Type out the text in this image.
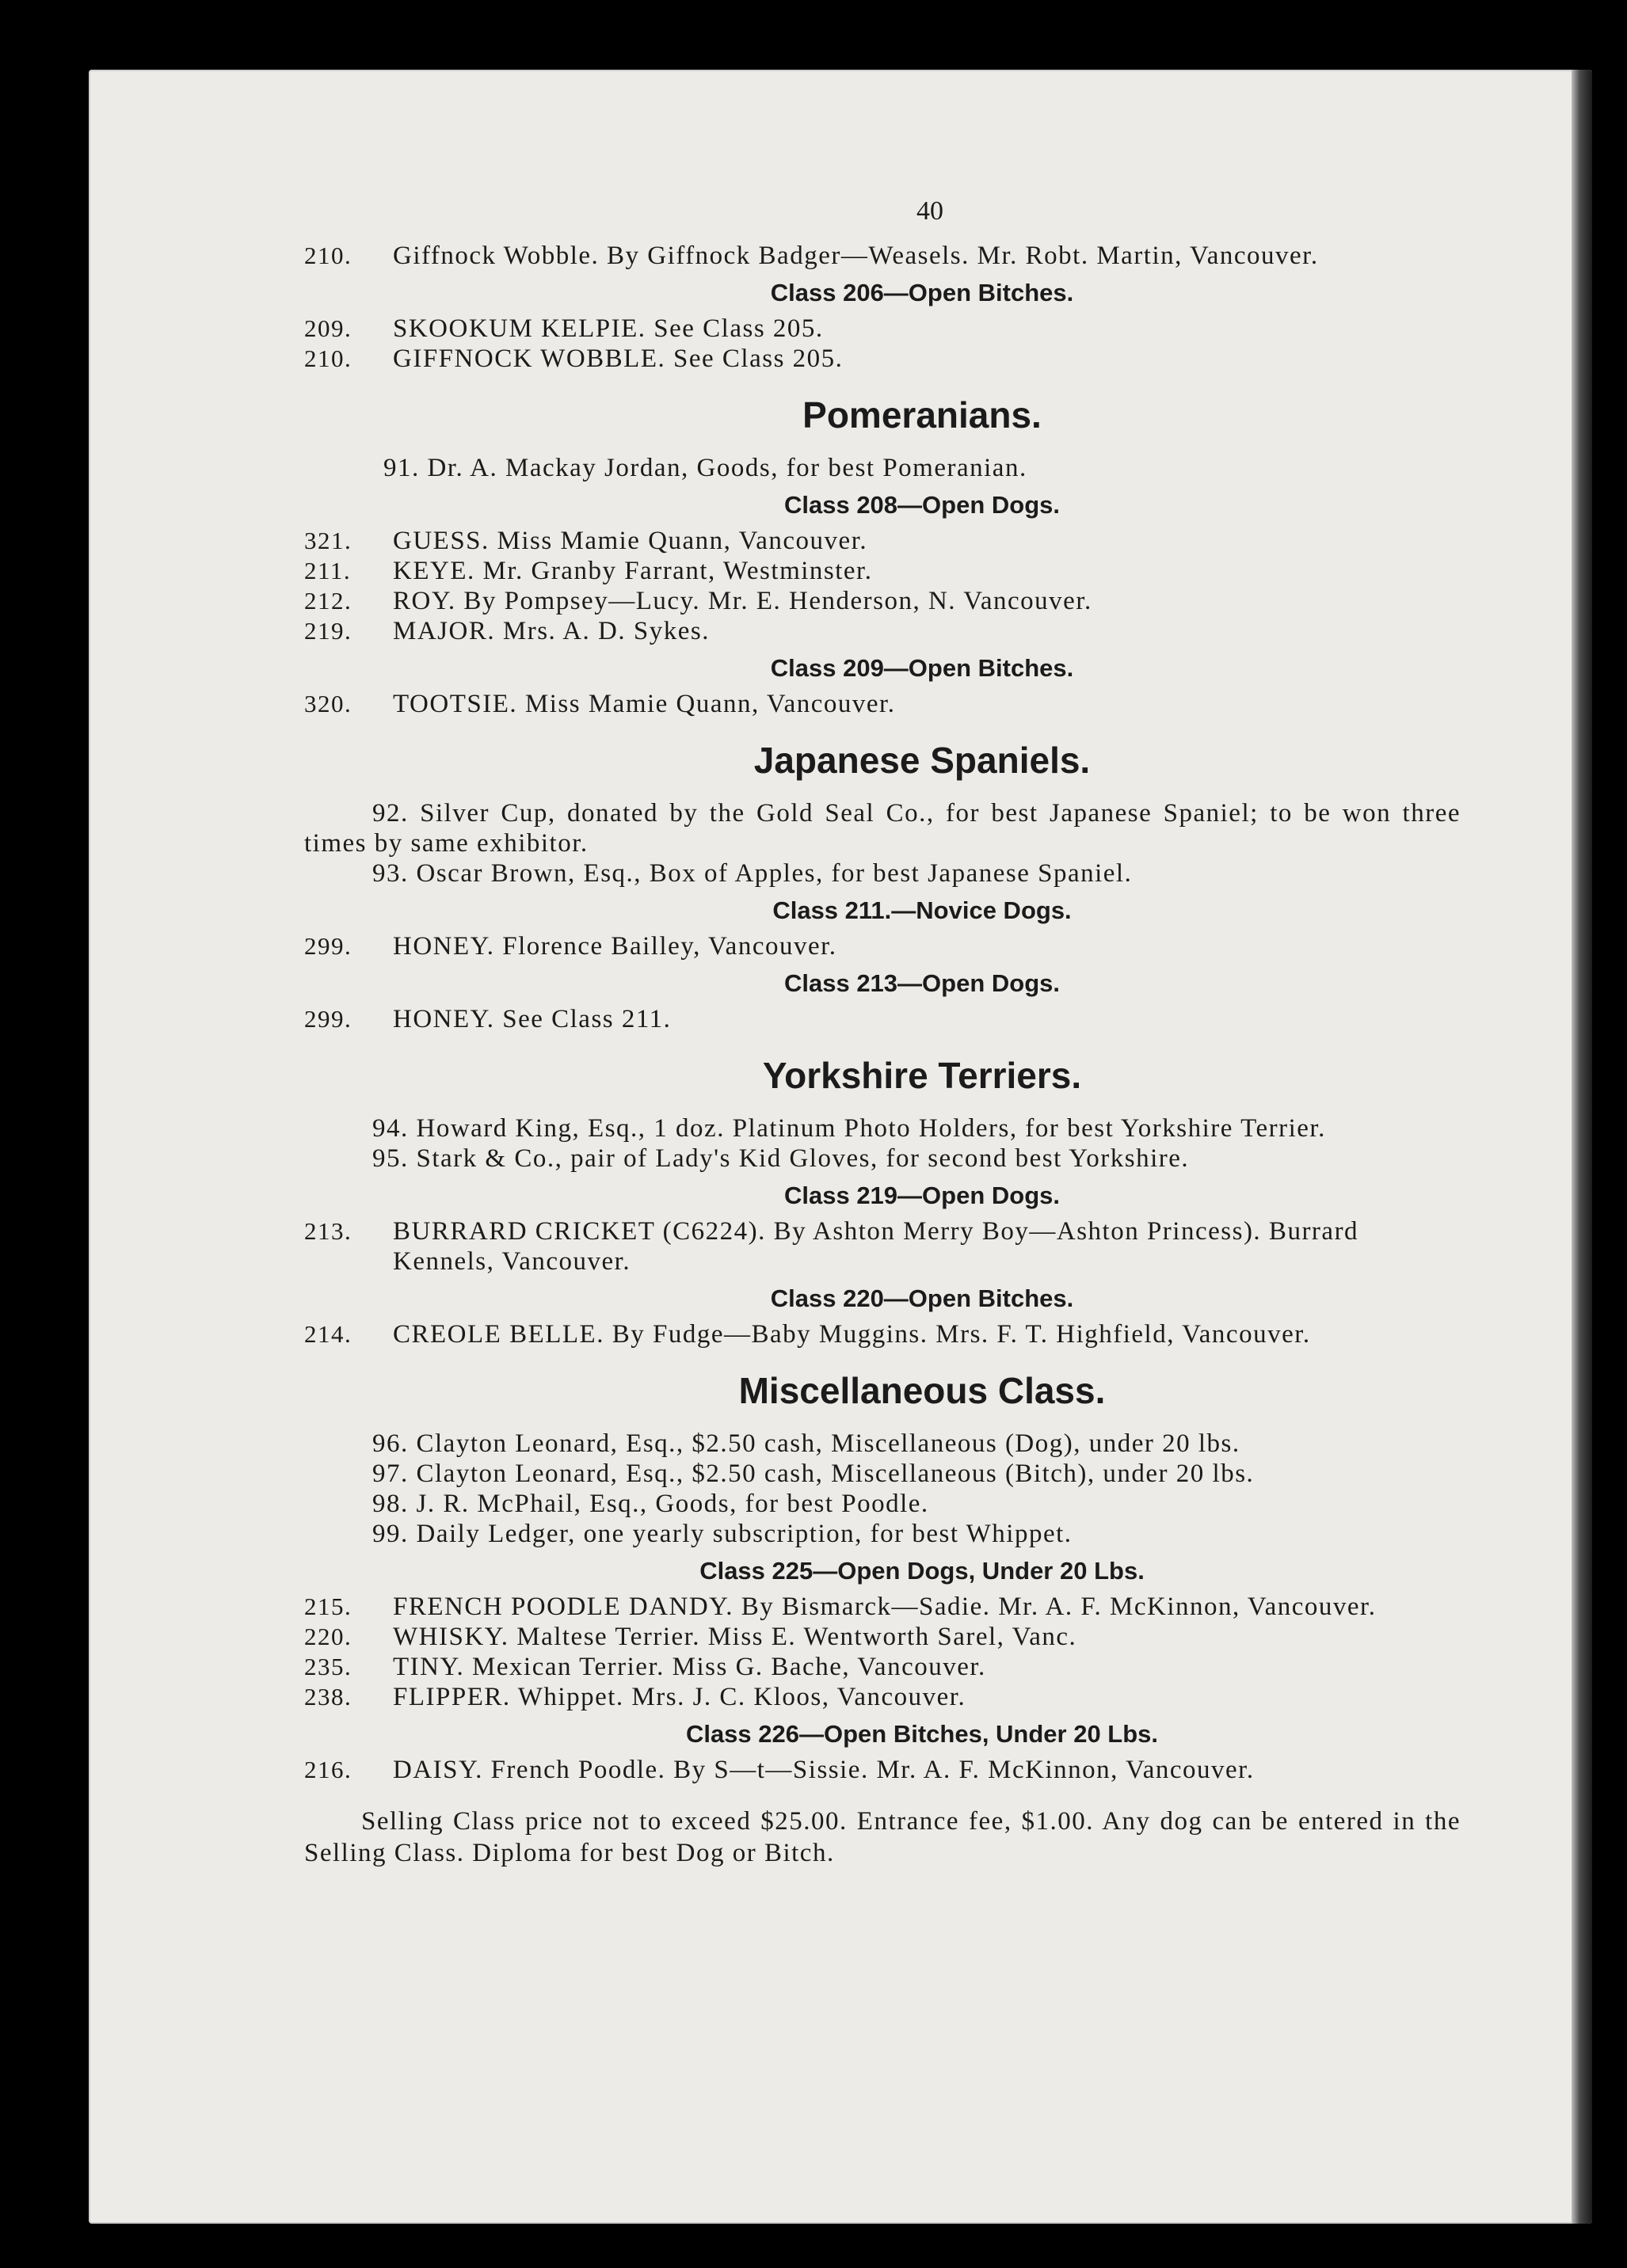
40
210.	Giffnock Wobble. By Giffnock Badger—Weasels. Mr. Robt. Martin, Vancouver.
Class 206—Open Bitches.
209.	SKOOKUM KELPIE. See Class 205.
210.	GIFFNOCK WOBBLE. See Class 205.
Pomeranians.

91. Dr. A. Mackay Jordan, Goods, for best Pomeranian.

Class 208—Open Dogs.
321.	GUESS. Miss Mamie Quann, Vancouver.
211.	KEYE. Mr. Granby Farrant, Westminster.
212.	ROY. By Pompsey—Lucy. Mr. E. Henderson, N. Vancouver.
219.	MAJOR. Mrs. A. D. Sykes.
Class 209—Open Bitches.
320.	TOOTSIE. Miss Mamie Quann, Vancouver.
Japanese Spaniels.

92. Silver Cup, donated by the Gold Seal Co., for best Japanese Spaniel; to be won three times by same exhibitor.

93. Oscar Brown, Esq., Box of Apples, for best Japanese Spaniel.

Class 211.—Novice Dogs.
299.	HONEY. Florence Bailley, Vancouver.
Class 213—Open Dogs.
299.	HONEY. See Class 211.
Yorkshire Terriers.

94. Howard King, Esq., 1 doz. Platinum Photo Holders, for best Yorkshire Terrier.

95. Stark & Co., pair of Lady's Kid Gloves, for second best Yorkshire.

Class 219—Open Dogs.
213.	BURRARD CRICKET (C6224). By Ashton Merry Boy—Ashton Princess). Burrard Kennels, Vancouver.
Class 220—Open Bitches.
214.	CREOLE BELLE. By Fudge—Baby Muggins. Mrs. F. T. Highfield, Vancouver.
Miscellaneous Class.

96. Clayton Leonard, Esq., $2.50 cash, Miscellaneous (Dog), under 20 lbs.

97. Clayton Leonard, Esq., $2.50 cash, Miscellaneous (Bitch), under 20 lbs.

98. J. R. McPhail, Esq., Goods, for best Poodle.

99. Daily Ledger, one yearly subscription, for best Whippet.

Class 225—Open Dogs, Under 20 Lbs.
215.	FRENCH POODLE DANDY. By Bismarck—Sadie. Mr. A. F. McKinnon, Vancouver.
220.	WHISKY. Maltese Terrier. Miss E. Wentworth Sarel, Vanc.
235.	TINY. Mexican Terrier. Miss G. Bache, Vancouver.
238.	FLIPPER. Whippet. Mrs. J. C. Kloos, Vancouver.
Class 226—Open Bitches, Under 20 Lbs.
216.	DAISY. French Poodle. By S—t—Sissie. Mr. A. F. McKinnon, Vancouver.

Selling Class price not to exceed $25.00. Entrance fee, $1.00. Any dog can be entered in the Selling Class. Diploma for best Dog or Bitch.
